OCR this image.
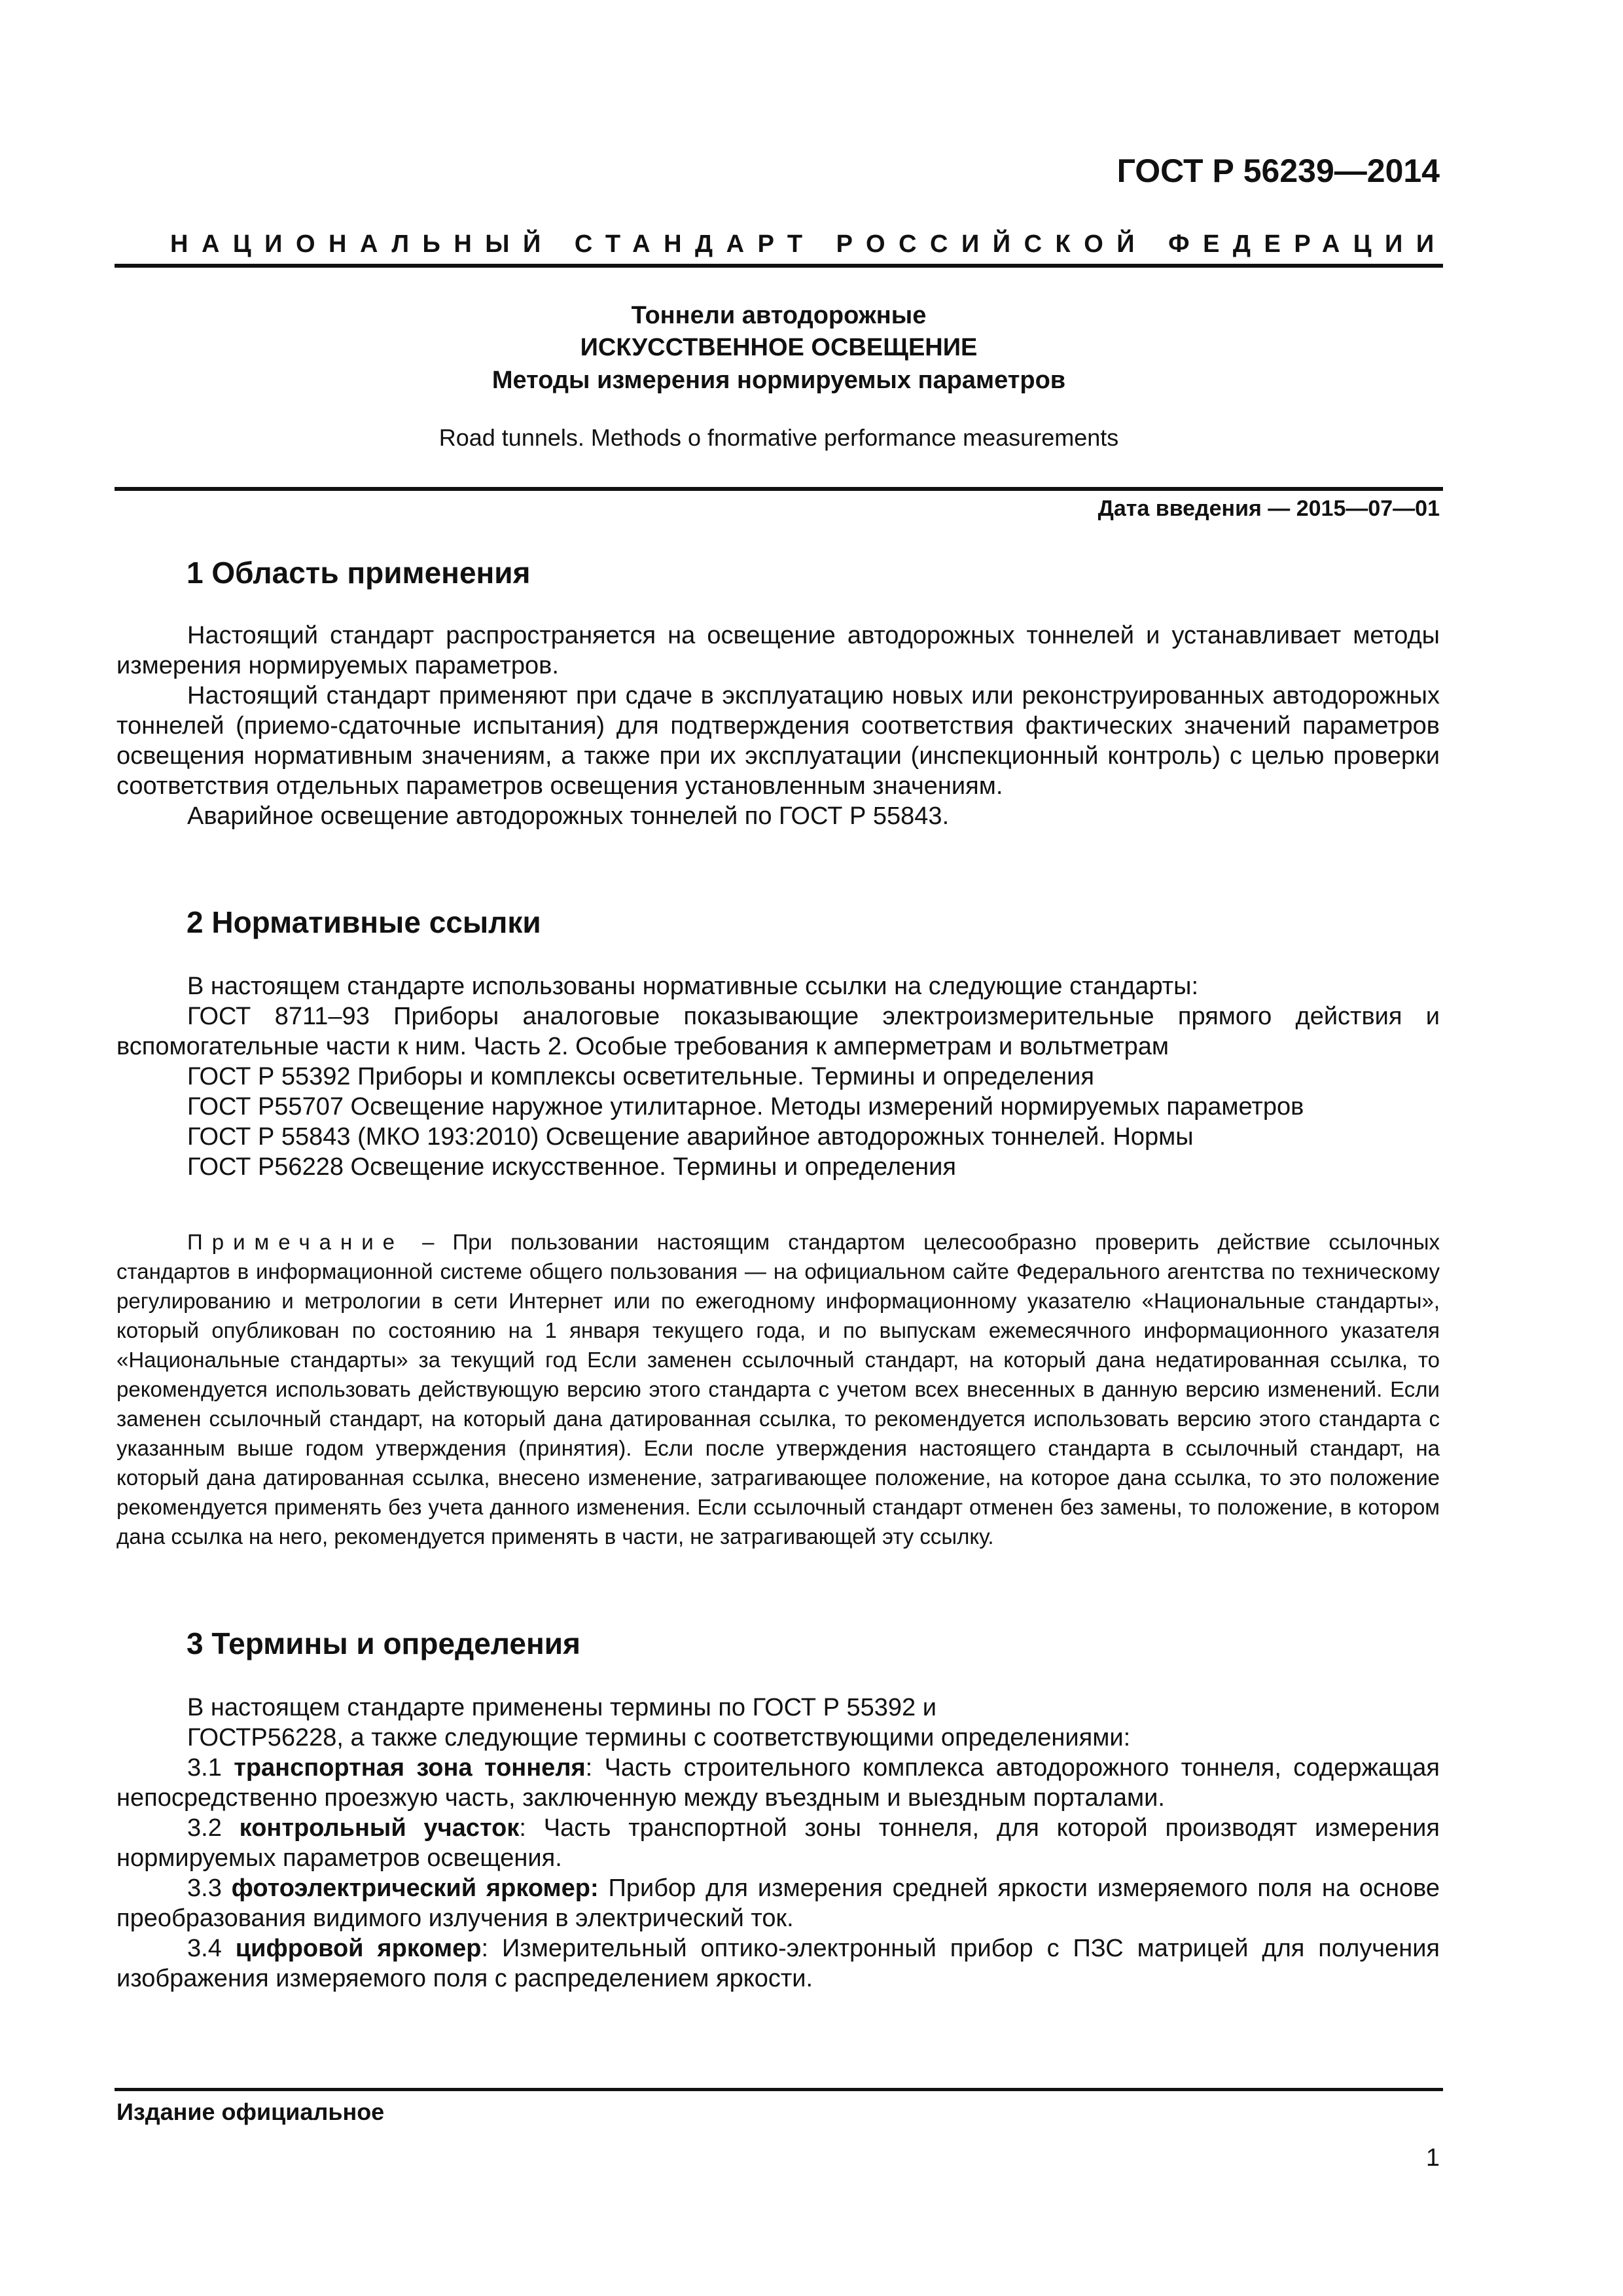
ГОСТ Р 56239—2014
НАЦИОНАЛЬНЫЙ СТАНДАРТ РОССИЙСКОЙ ФЕДЕРАЦИИ
Тоннели автодорожные
ИСКУССТВЕННОЕ ОСВЕЩЕНИЕ
Методы измерения нормируемых параметров
Road tunnels. Methods o fnormative performance measurements
Дата введения — 2015—07—01
1 Область применения

Настоящий стандарт распространяется на освещение автодорожных тоннелей и устанавливает методы измерения нормируемых параметров.

Настоящий стандарт применяют при сдаче в эксплуатацию новых или реконструированных автодорожных тоннелей (приемо-сдаточные испытания) для подтверждения соответствия фактических значений параметров освещения нормативным значениям, а также при их эксплуатации (инспекционный контроль) с целью проверки соответствия отдельных параметров освещения установленным значениям.

Аварийное освещение автодорожных тоннелей по ГОСТ Р 55843.

2 Нормативные ссылки

В настоящем стандарте использованы нормативные ссылки на следующие стандарты:

ГОСТ 8711–93 Приборы аналоговые показывающие электроизмерительные прямого действия и вспомогательные части к ним. Часть 2. Особые требования к амперметрам и вольтметрам

ГОСТ Р 55392 Приборы и комплексы осветительные. Термины и определения

ГОСТ Р55707 Освещение наружное утилитарное. Методы измерений нормируемых параметров

ГОСТ Р 55843 (МКО 193:2010) Освещение аварийное автодорожных тоннелей. Нормы

ГОСТ Р56228 Освещение искусственное. Термины и определения

Примечание – При пользовании настоящим стандартом целесообразно проверить действие ссылочных стандартов в информационной системе общего пользования — на официальном сайте Федерального агентства по техническому регулированию и метрологии в сети Интернет или по ежегодному информационному указателю «Национальные стандарты», который опубликован по состоянию на 1 января текущего года, и по выпускам ежемесячного информационного указателя «Национальные стандарты» за текущий год Если заменен ссылочный стандарт, на который дана недатированная ссылка, то рекомендуется использовать действующую версию этого стандарта с учетом всех внесенных в данную версию изменений. Если заменен ссылочный стандарт, на который дана датированная ссылка, то рекомендуется использовать версию этого стандарта с указанным выше годом утверждения (принятия). Если после утверждения настоящего стандарта в ссылочный стандарт, на который дана датированная ссылка, внесено изменение, затрагивающее положение, на которое дана ссылка, то это положение рекомендуется применять без учета данного изменения. Если ссылочный стандарт отменен без замены, то положение, в котором дана ссылка на него, рекомендуется применять в части, не затрагивающей эту ссылку.
3 Термины и определения

В настоящем стандарте применены термины по ГОСТ Р 55392 и

ГОСТР56228, а также следующие термины с соответствующими определениями:

3.1 транспортная зона тоннеля: Часть строительного комплекса автодорожного тоннеля, содержащая непосредственно проезжую часть, заключенную между въездным и выездным порталами.

3.2 контрольный участок: Часть транспортной зоны тоннеля, для которой производят измерения нормируемых параметров освещения.

3.3 фотоэлектрический яркомер: Прибор для измерения средней яркости измеряемого поля на основе преобразования видимого излучения в электрический ток.

3.4 цифровой яркомер: Измерительный оптико-электронный прибор с ПЗС матрицей для получения изображения измеряемого поля с распределением яркости.

Издание официальное
1
